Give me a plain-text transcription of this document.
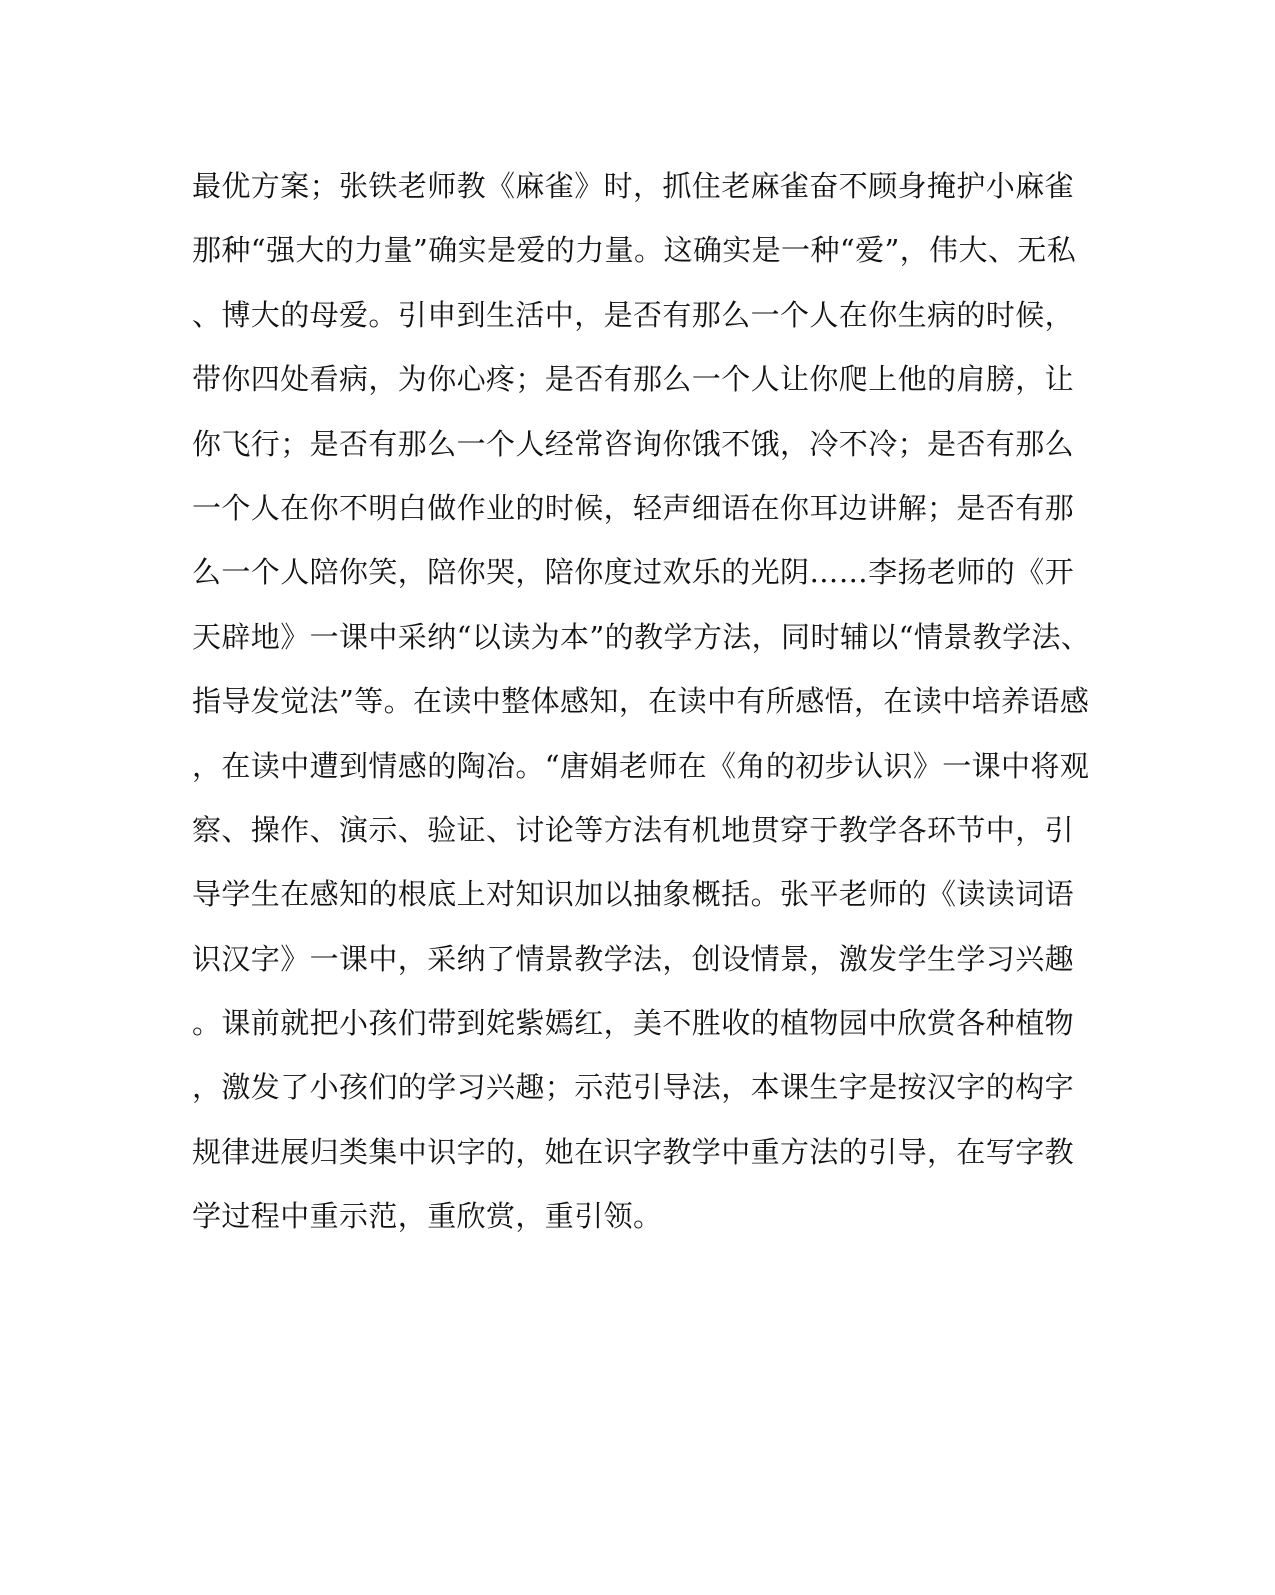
最优方案；张铁老师教《麻雀》时，抓住老麻雀奋不顾身掩护小麻雀
那种“强大的力量”确实是爱的力量。这确实是一种“爱”，伟大、无私
、博大的母爱。引申到生活中，是否有那么一个人在你生病的时候，
带你四处看病，为你心疼；是否有那么一个人让你爬上他的肩膀，让
你飞行；是否有那么一个人经常咨询你饿不饿，冷不冷；是否有那么
一个人在你不明白做作业的时候，轻声细语在你耳边讲解；是否有那
么一个人陪你笑，陪你哭，陪你度过欢乐的光阴……李扬老师的《开
天辟地》一课中采纳“以读为本”的教学方法，同时辅以“情景教学法、
指导发觉法”等。在读中整体感知，在读中有所感悟，在读中培养语感
，在读中遭到情感的陶冶。“唐娟老师在《角的初步认识》一课中将观
察、操作、演示、验证、讨论等方法有机地贯穿于教学各环节中，引
导学生在感知的根底上对知识加以抽象概括。张平老师的《读读词语
识汉字》一课中，采纳了情景教学法，创设情景，激发学生学习兴趣
。课前就把小孩们带到姹紫嫣红，美不胜收的植物园中欣赏各种植物
，激发了小孩们的学习兴趣；示范引导法，本课生字是按汉字的构字
规律进展归类集中识字的，她在识字教学中重方法的引导，在写字教
学过程中重示范，重欣赏，重引领。
